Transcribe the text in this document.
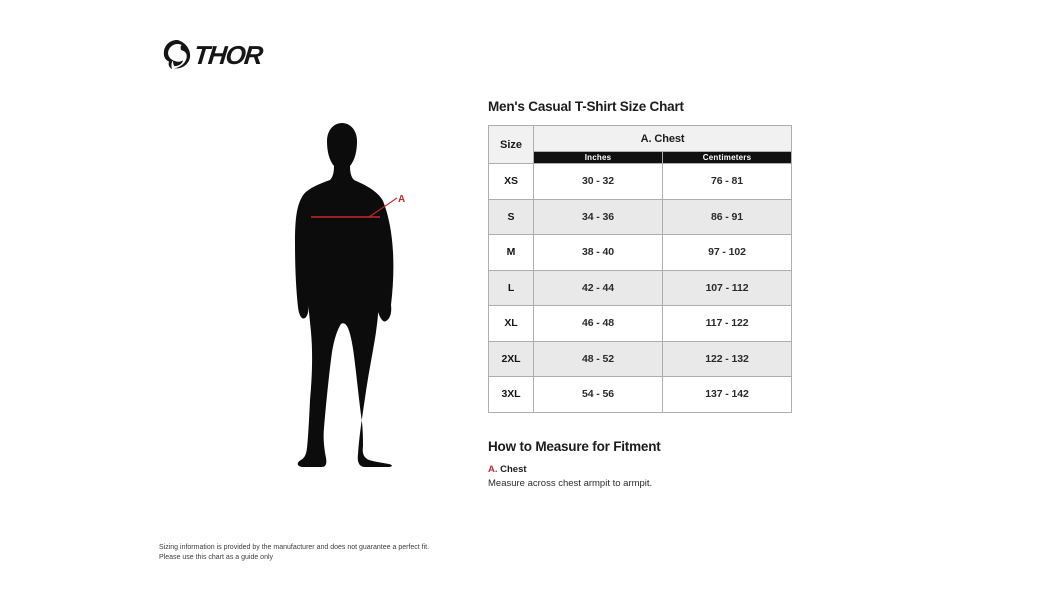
THOR
A
Men's Casual T-Shirt Size Chart
Size	A. Chest	
	Inches	Centimeters
XS	30 - 32	76 - 81
S	34 - 36	86 - 91
M	38 - 40	97 - 102
L	42 - 44	107 - 112
XL	46 - 48	117 - 122
2XL	48 - 52	122 - 132
3XL	54 - 56	137 - 142
How to Measure for Fitment
A. Chest
Measure across chest armpit to armpit.
Sizing information is provided by the manufacturer and does not guarantee a perfect fit.
Please use this chart as a guide only
